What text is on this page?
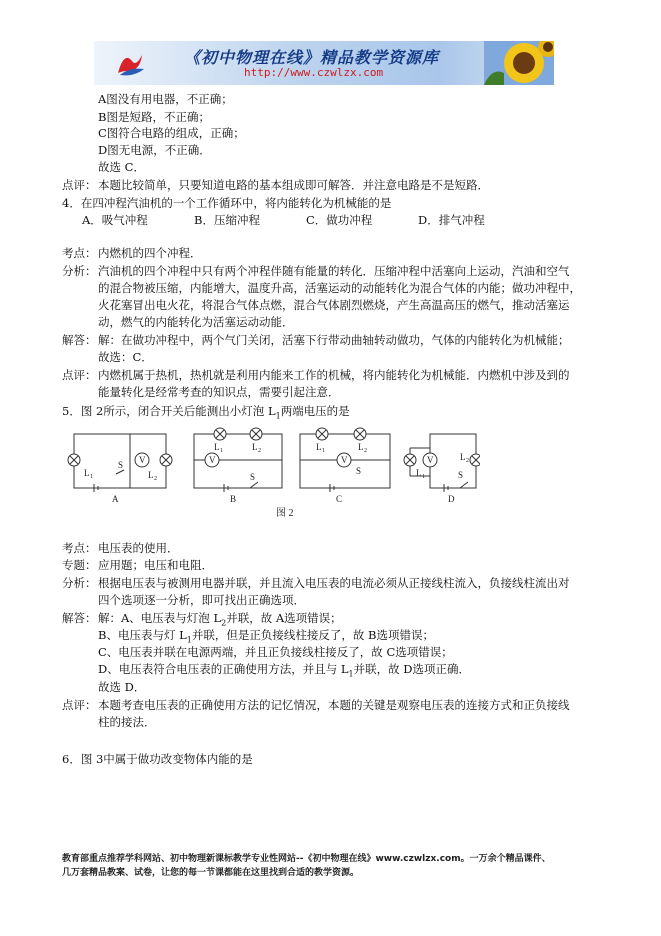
《初中物理在线》精品教学资源库
http://www.czwlzx.com
A图没有用电器，不正确；
B图是短路，不正确；
C图符合电路的组成，正确；
D图无电源，不正确．
故选 C．
点评： 本题比较简单，只要知道电路的基本组成即可解答．并注意电路是不是短路．
4．在四冲程汽油机的一个工作循环中，将内能转化为机械能的是
A．吸气冲程	B．压缩冲程	C．做功冲程	D．排气冲程
考点： 内燃机的四个冲程．
分析： 汽油机的四个冲程中只有两个冲程伴随有能量的转化．压缩冲程中活塞向上运动，汽油和空气
的混合物被压缩，内能增大，温度升高，活塞运动的动能转化为混合气体的内能；做功冲程中，
火花塞冒出电火花，将混合气体点燃，混合气体剧烈燃烧，产生高温高压的燃气，推动活塞运
动，燃气的内能转化为活塞运动动能．
解答： 解：在做功冲程中，两个气门关闭，活塞下行带动曲轴转动做功，气体的内能转化为机械能；
故选：C．
点评： 内燃机属于热机，热机就是利用内能来工作的机械，将内能转化为机械能．内燃机中涉及到的
能量转化是经常考查的知识点，需要引起注意．
5．图 2所示，闭合开关后能测出小灯泡 $L_1$两端电压的是
A
L 1	L 2
S V
B
V
L 1	L 2
S
C
V
L 1	L 2
S
D
V
L 1
L 2
S
图 2
考点： 电压表的使用．
专题： 应用题；电压和电阻．
分析： 根据电压表与被测用电器并联，并且流入电压表的电流必须从正接线柱流入，负接线柱流出对
四个选项逐一分析，即可找出正确选项．
解答： 解：A、电压表与灯泡 $L_2$并联，故 A选项错误；
B、电压表与灯 $L_1$并联，但是正负接线柱接反了，故 B选项错误；
C、电压表并联在电源两端，并且正负接线柱接反了，故 C选项错误；
D、电压表符合电压表的正确使用方法，并且与 $L_1$并联，故 D选项正确．
故选 D．
点评： 本题考查电压表的正确使用方法的记忆情况，本题的关键是观察电压表的连接方式和正负接线
柱的接法．
6．图 3中属于做功改变物体内能的是
教育部重点推荐学科网站、初中物理新课标教学专业性网站--《初中物理在线》www.czwlzx.com。一万余个精品课件、
几万套精品教案、试卷，让您的每一节课都能在这里找到合适的教学资源。
